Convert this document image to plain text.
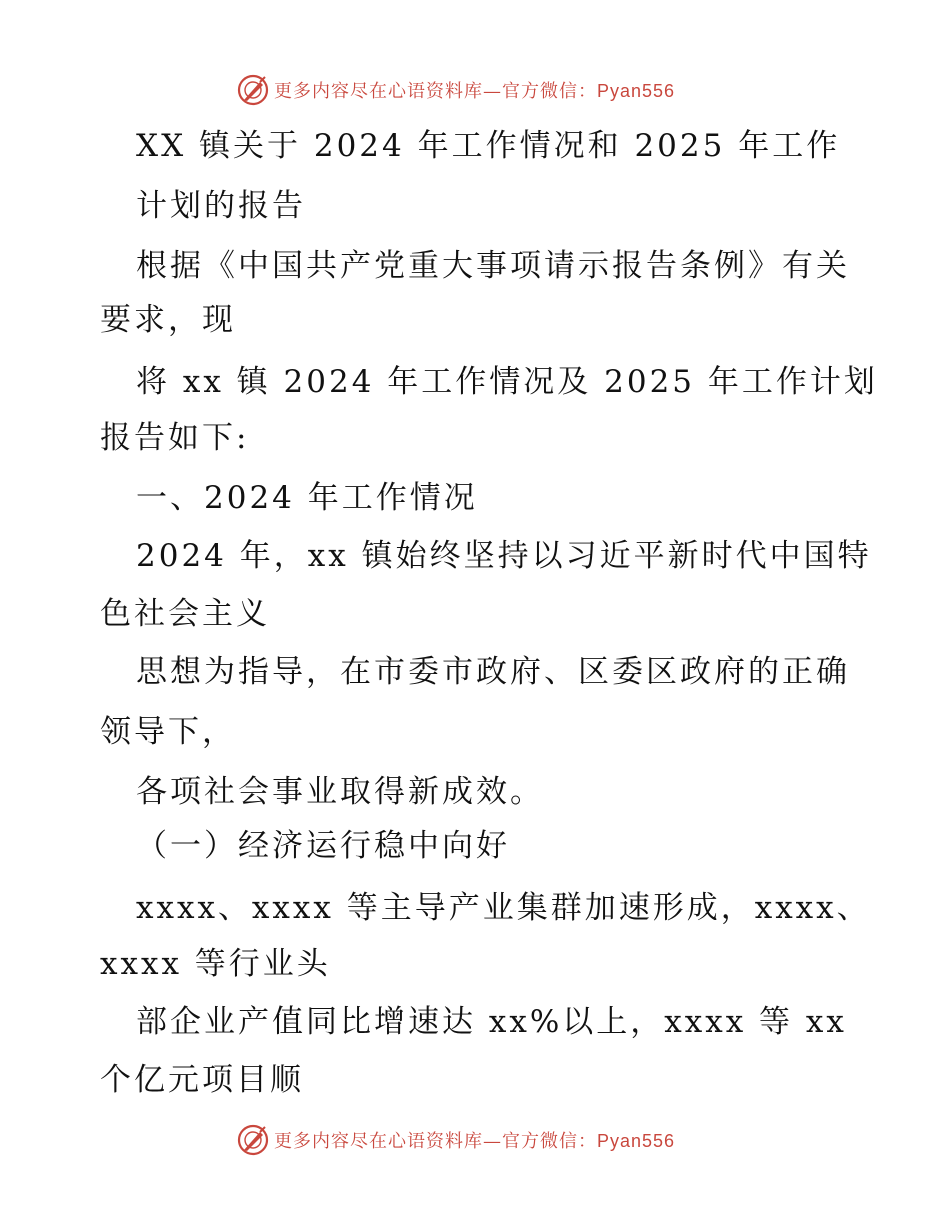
更多内容尽在心语资料库—官方微信：Pyan556
XX 镇关于 2024 年工作情况和 2025 年工作
计划的报告
根据《中国共产党重大事项请示报告条例》有关
要求，现
将 xx 镇 2024 年工作情况及 2025 年工作计划
报告如下:
一、2024 年工作情况
2024 年，xx 镇始终坚持以习近平新时代中国特
色社会主义
思想为指导，在市委市政府、区委区政府的正确
领导下，
各项社会事业取得新成效。
（一）经济运行稳中向好
xxxx、xxxx 等主导产业集群加速形成，xxxx、
xxxx 等行业头
部企业产值同比增速达 xx%以上，xxxx 等 xx
个亿元项目顺
更多内容尽在心语资料库—官方微信：Pyan556
